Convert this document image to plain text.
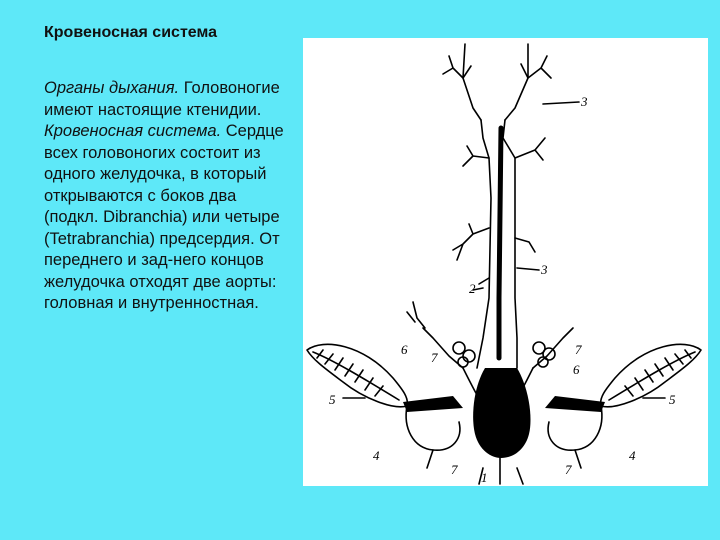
Кровеносная система

Органы дыхания. Головоногие имеют настоящие ктенидии.

Кровеносная система. Сердце всех головоногих состоит из одного желудочка, в который открываются с боков два (подкл. Dibranchia) или четыре (Tetrabranchia) предсердия. От переднего и зад-него концов желудочка отходят две аорты: головная и внутренностная.

3
3
2
6
7
7
6
5	5
4	4
7
1
7
